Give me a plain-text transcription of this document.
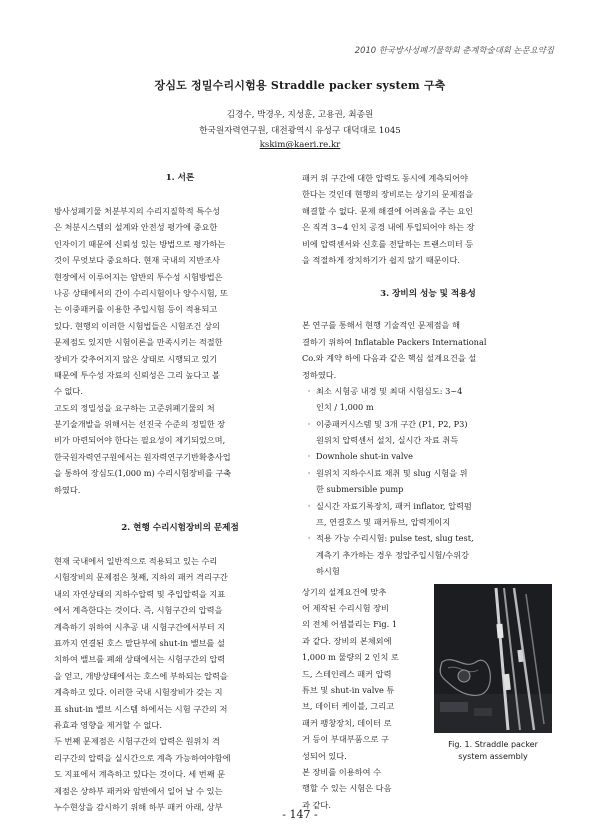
2010 한국방사성폐기물학회 춘계학술대회 논문요약집
장심도 정밀수리시험용 Straddle packer system 구축
김경수, 박경우, 지성훈, 고용권, 최종원
한국원자력연구원, 대전광역시 유성구 대덕대로 1045
kskim@kaeri.re.kr
1. 서론
방사성폐기물 처분부지의 수리지질학적 특수성
은 처분시스템의 설계와 안전성 평가에 중요한
인자이기 때문에 신뢰성 있는 방법으로 평가하는
것이 무엇보다 중요하다. 현재 국내의 지반조사
현장에서 이루어지는 암반의 투수성 시험방법은
나공 상태에서의 간이 수리시험이나 양수시험, 또
는 이중패커를 이용한 주입시험 등이 적용되고
있다. 현행의 이러한 시험법들은 시험조건 상의
문제점도 있지만 시험이론을 만족시키는 적절한
장비가 갖추어지지 않은 상태로 시행되고 있기
때문에 투수성 자료의 신뢰성은 그리 높다고 볼
수 없다.
고도의 정밀성을 요구하는 고준위폐기물의 처
분기술개발을 위해서는 선진국 수준의 정밀한 장
비가 마련되어야 한다는 필요성이 제기되었으며,
한국원자력연구원에서는 원자력연구기반확충사업
을 통하여 장심도(1,000 m) 수리시험장비를 구축
하였다.
2. 현행 수리시험장비의 문제점
현재 국내에서 일반적으로 적용되고 있는 수리
시험장비의 문제점은 첫째, 지하의 패커 격리구간
내의 자연상태의 지하수압력 및 주입압력을 지표
에서 계측한다는 것이다. 즉, 시험구간의 압력을
계측하기 위하여 시추공 내 시험구간에서부터 지
표까지 연결된 호스 말단부에 shut-in 밸브를 설
치하여 밸브를 폐쇄 상태에서는 시험구간의 압력
을 얻고, 개방상태에서는 호스에 부하되는 압력을
계측하고 있다. 이러한 국내 시험장비가 갖는 지
표 shut-in 밸브 시스템 하에서는 시험 구간의 저
류효과 영향을 제거할 수 없다.
두 번째 문제점은 시험구간의 압력은 원위치 격
리구간의 압력을 실시간으로 계측 가능하여야함에
도 지표에서 계측하고 있다는 것이다. 세 번째 문
제점은 상하부 패커와 암반에서 일어 날 수 있는
누수현상을 감시하기 위해 하부 패커 아래, 상부
패커 위 구간에 대한 압력도 동시에 계측되어야
한다는 것인데 현행의 장비로는 상기의 문제점을
해결할 수 없다. 문제 해결에 어려움을 주는 요인
은 직격 3~4 인치 공경 내에 투입되어야 하는 장
비에 압력센서와 신호를 전달하는 트랜스미터 등
을 적절하게 장치하기가 쉽지 않기 때문이다.
3. 장비의 성능 및 적용성
본 연구를 통해서 현행 기술적인 문제점을 해
결하기 위하여 Inflatable Packers International
Co.와 계약 하에 다음과 같은 핵심 설계요건을 설
정하였다.
· 최소 시험공 내경 및 최대 시험심도: 3~4
인치 / 1,000 m
· 이중패커시스템 및 3개 구간 (P1, P2, P3)
원위치 압력센서 설치, 실시간 자료 취득
· Downhole shut-in valve
· 원위치 지하수시료 채취 및 slug 시험을 위
한 submersible pump
· 실시간 자료기록장치, 패커 inflator, 압력펌
프, 연결호스 및 패커튜브, 압력게이지
· 적용 가능 수리시험: pulse test, slug test,
계측기 추가하는 경우 정압주입시험/수위강
하시험
상기의 설계요건에 맞추
어 제작된 수리시험 장비
의 전체 어셈블리는 Fig. 1
과 같다. 장비의 본체외에
1,000 m 물량의 2 인치 로
드, 스테인레스 패커 압력
튜브 및 shut-in valve 튜
브, 데이터 케이블, 그리고
패커 팽창장치, 데이터 로
거 등이 부대부품으로 구
성되어 있다.
본 장비를 이용하여 수
행할 수 있는 시험은 다음
과 같다.
Fig. 1. Straddle packer
system assembly
- 147 -
